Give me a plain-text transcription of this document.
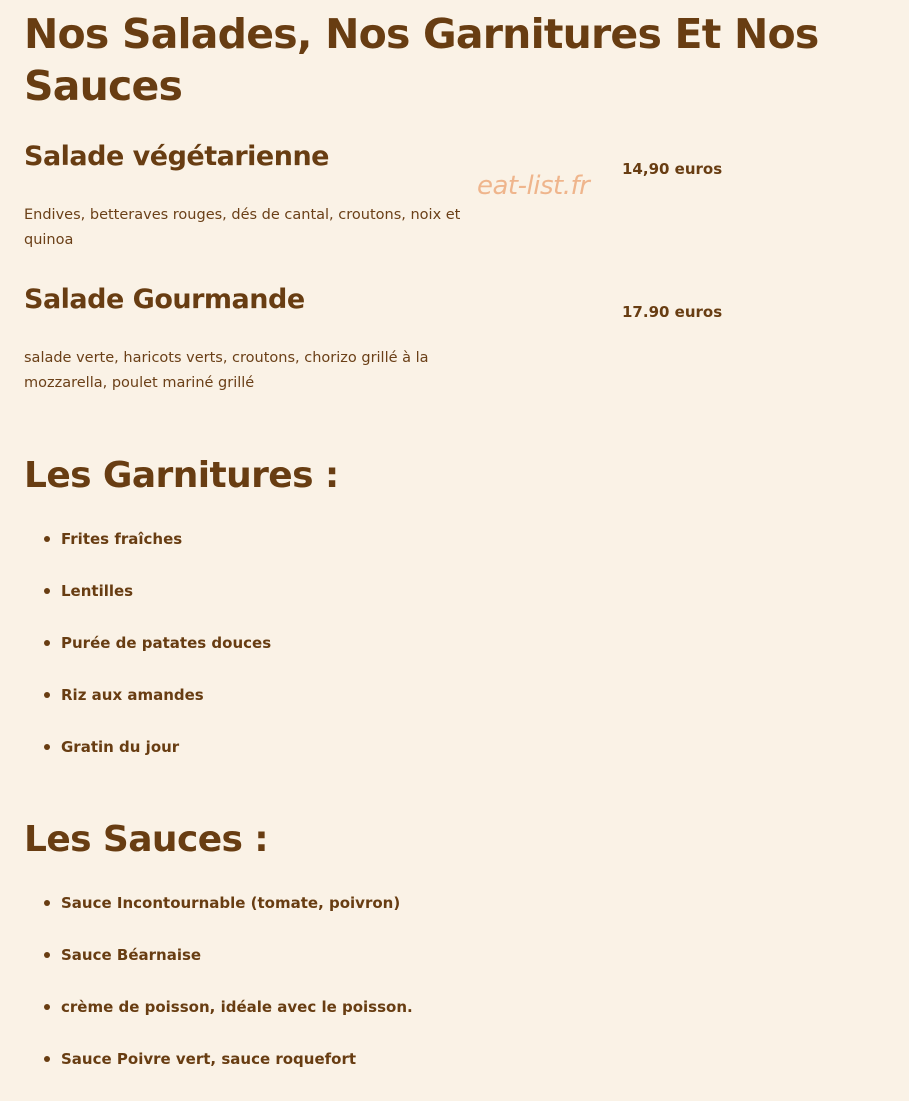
Nos Salades, Nos Garnitures Et Nos Sauces
Salade végétarienne	14,90 euros

Endives, betteraves rouges, dés de cantal, croutons, noix et quinoa

eat-list.fr
Salade Gourmande	17.90 euros

salade verte, haricots verts, croutons, chorizo grillé à la mozzarella, poulet mariné grillé

Les Garnitures :
Frites fraîches
Lentilles
Purée de patates douces
Riz aux amandes
Gratin du jour
Les Sauces :
Sauce Incontournable (tomate, poivron)
Sauce Béarnaise
crème de poisson, idéale avec le poisson.
Sauce Poivre vert, sauce roquefort
